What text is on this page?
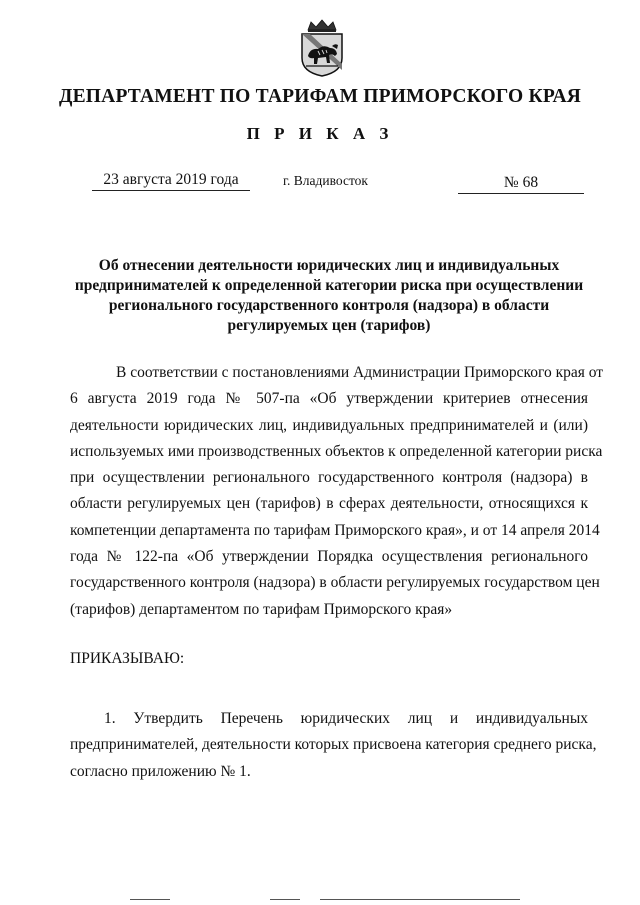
ДЕПАРТАМЕНТ ПО ТАРИФАМ ПРИМОРСКОГО КРАЯ
П Р И К А З
23 августа 2019 года	г. Владивосток	№ 68
Об отнесении деятельности юридических лиц и индивидуальных
предпринимателей к определенной категории риска при осуществлении
регионального государственного контроля (надзора) в области
регулируемых цен (тарифов)
В соответствии с постановлениями Администрации Приморского края от
6 августа 2019 года № 507-па «Об утверждении критериев отнесения
деятельности юридических лиц, индивидуальных предпринимателей и (или)
используемых ими производственных объектов к определенной категории риска
при осуществлении регионального государственного контроля (надзора) в
области регулируемых цен (тарифов) в сферах деятельности, относящихся к
компетенции департамента по тарифам Приморского края», и от 14 апреля 2014
года № 122-па «Об утверждении Порядка осуществления регионального
государственного контроля (надзора) в области регулируемых государством цен
(тарифов) департаментом по тарифам Приморского края»
ПРИКАЗЫВАЮ:
1. Утвердить Перечень юридических лиц и индивидуальных
предпринимателей, деятельности которых присвоена категория среднего риска,
согласно приложению № 1.
